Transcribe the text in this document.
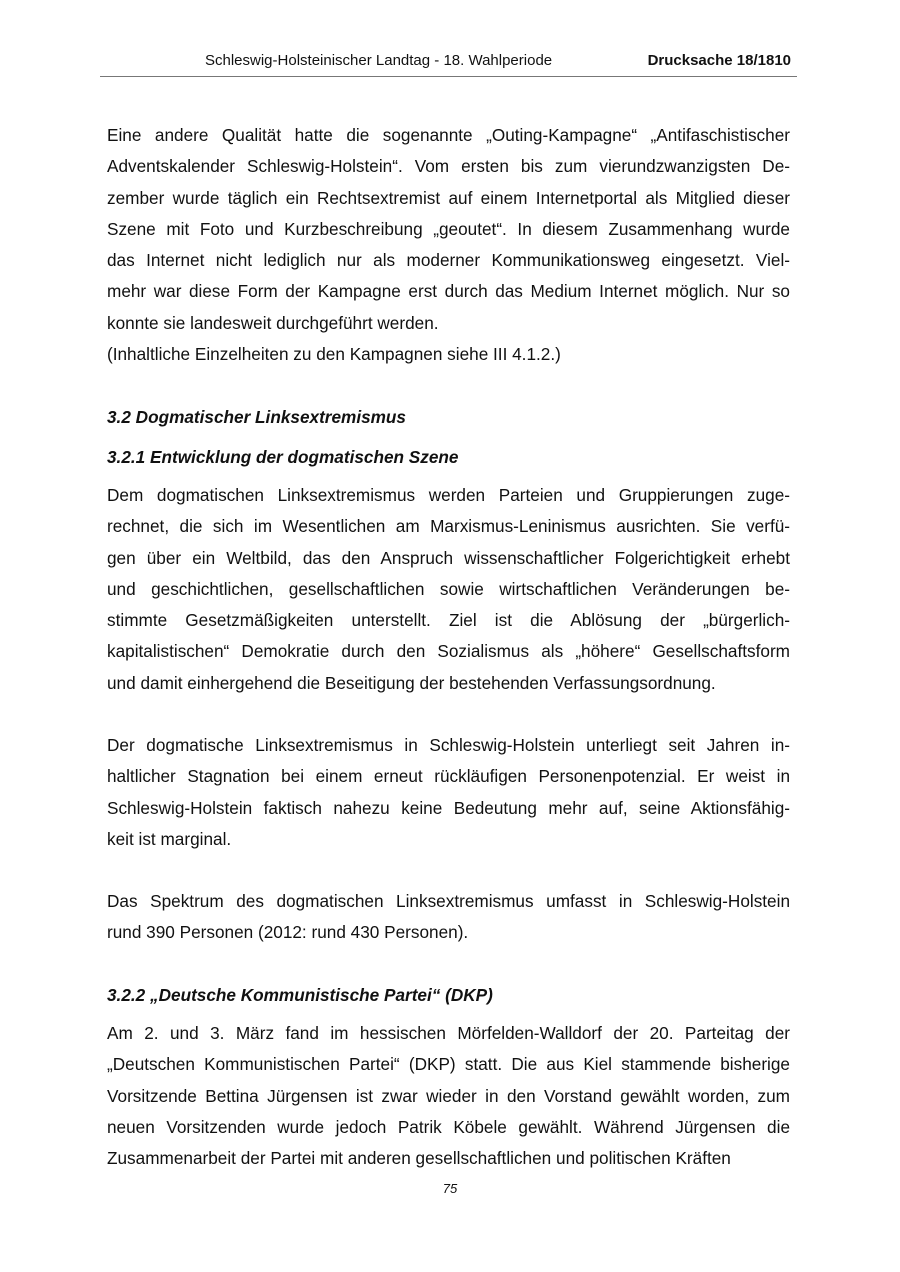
Schleswig-Holsteinischer Landtag - 18. Wahlperiode	Drucksache 18/1810
Eine andere Qualität hatte die sogenannte „Outing-Kampagne“ „Antifaschistischer
Adventskalender Schleswig-Holstein“. Vom ersten bis zum vierundzwanzigsten De-
zember wurde täglich ein Rechtsextremist auf einem Internetportal als Mitglied dieser
Szene mit Foto und Kurzbeschreibung „geoutet“. In diesem Zusammenhang wurde
das Internet nicht lediglich nur als moderner Kommunikationsweg eingesetzt. Viel-
mehr war diese Form der Kampagne erst durch das Medium Internet möglich. Nur so
konnte sie landesweit durchgeführt werden.
(Inhaltliche Einzelheiten zu den Kampagnen siehe III 4.1.2.)
3.2 Dogmatischer Linksextremismus
3.2.1 Entwicklung der dogmatischen Szene
Dem dogmatischen Linksextremismus werden Parteien und Gruppierungen zuge-
rechnet, die sich im Wesentlichen am Marxismus-Leninismus ausrichten. Sie verfü-
gen über ein Weltbild, das den Anspruch wissenschaftlicher Folgerichtigkeit erhebt
und geschichtlichen, gesellschaftlichen sowie wirtschaftlichen Veränderungen be-
stimmte Gesetzmäßigkeiten unterstellt. Ziel ist die Ablösung der „bürgerlich-
kapitalistischen“ Demokratie durch den Sozialismus als „höhere“ Gesellschaftsform
und damit einhergehend die Beseitigung der bestehenden Verfassungsordnung.
Der dogmatische Linksextremismus in Schleswig-Holstein unterliegt seit Jahren in-
haltlicher Stagnation bei einem erneut rückläufigen Personenpotenzial. Er weist in
Schleswig-Holstein faktisch nahezu keine Bedeutung mehr auf, seine Aktionsfähig-
keit ist marginal.
Das Spektrum des dogmatischen Linksextremismus umfasst in Schleswig-Holstein
rund 390 Personen (2012: rund 430 Personen).
3.2.2 „Deutsche Kommunistische Partei“ (DKP)
Am 2. und 3. März fand im hessischen Mörfelden-Walldorf der 20. Parteitag der
„Deutschen Kommunistischen Partei“ (DKP) statt. Die aus Kiel stammende bisherige
Vorsitzende Bettina Jürgensen ist zwar wieder in den Vorstand gewählt worden, zum
neuen Vorsitzenden wurde jedoch Patrik Köbele gewählt. Während Jürgensen die
Zusammenarbeit der Partei mit anderen gesellschaftlichen und politischen Kräften
75
